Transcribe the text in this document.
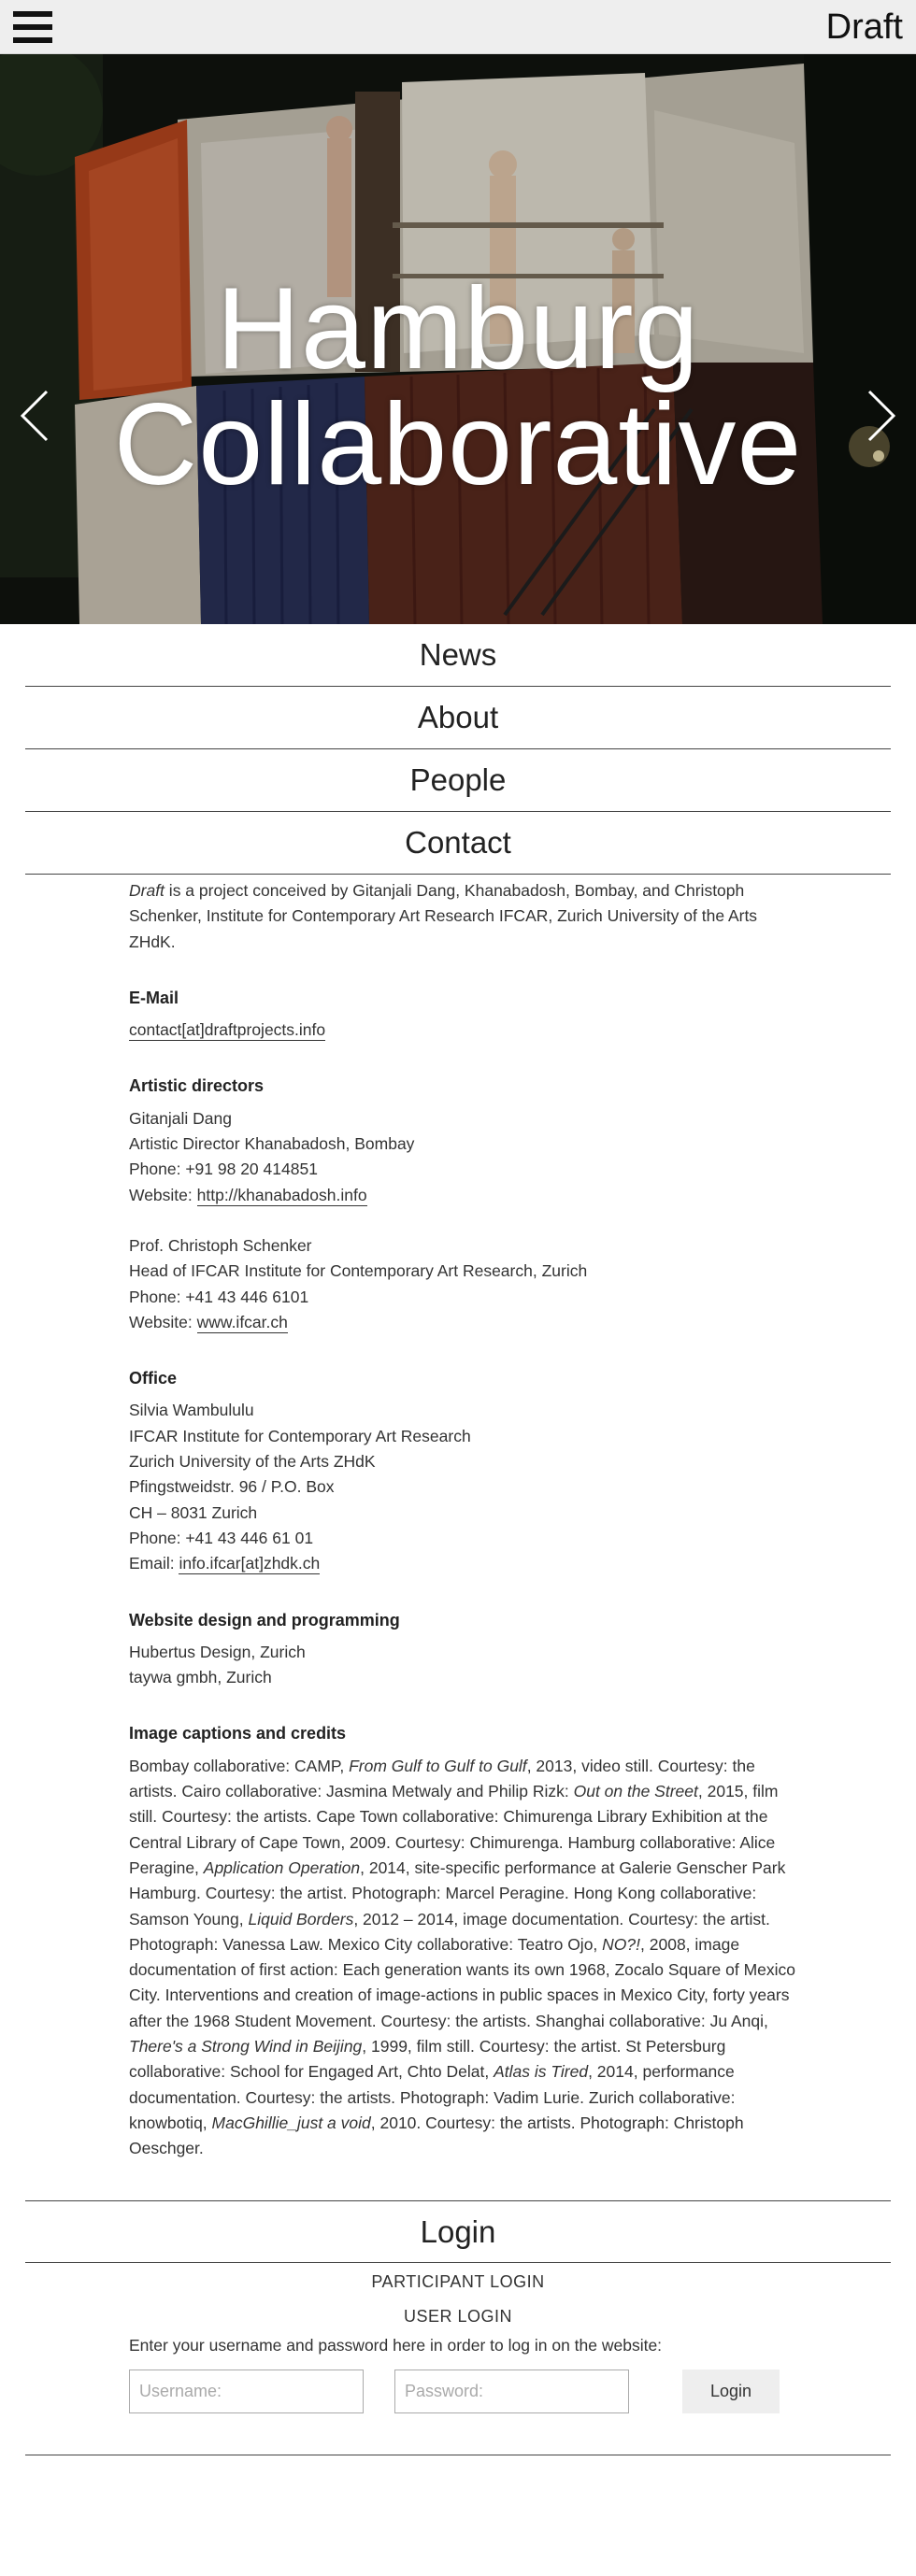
Draft
Hamburg
Collaborative
News
About
People
Contact

Draft is a project conceived by Gitanjali Dang, Khanabadosh, Bombay, and Christoph Schenker, Institute for Contemporary Art Research IFCAR, Zurich University of the Arts ZHdK.

E-Mail

contact[at]draftprojects.info

Artistic directors

Gitanjali Dang

Artistic Director Khanabadosh, Bombay

Phone: +91 98 20 414851

Website: http://khanabadosh.info

Prof. Christoph Schenker

Head of IFCAR Institute for Contemporary Art Research, Zurich

Phone: +41 43 446 6101

Website: www.ifcar.ch

Office

Silvia Wambululu

IFCAR Institute for Contemporary Art Research

Zurich University of the Arts ZHdK

Pfingstweidstr. 96 / P.O. Box

CH – 8031 Zurich

Phone: +41 43 446 61 01

Email: info.ifcar[at]zhdk.ch

Website design and programming

Hubertus Design, Zurich

taywa gmbh, Zurich

Image captions and credits

Bombay collaborative: CAMP, From Gulf to Gulf to Gulf, 2013, video still. Courtesy: the artists. Cairo collaborative: Jasmina Metwaly and Philip Rizk: Out on the Street, 2015, film still. Courtesy: the artists. Cape Town collaborative: Chimurenga Library Exhibition at the Central Library of Cape Town, 2009. Courtesy: Chimurenga. Hamburg collaborative: Alice Peragine, Application Operation, 2014, site-specific performance at Galerie Genscher Park Hamburg. Courtesy: the artist. Photograph: Marcel Peragine. Hong Kong collaborative: Samson Young, Liquid Borders, 2012 – 2014, image documentation. Courtesy: the artist. Photograph: Vanessa Law. Mexico City collaborative: Teatro Ojo, NO?!, 2008, image documentation of first action: Each generation wants its own 1968, Zocalo Square of Mexico City. Interventions and creation of image-actions in public spaces in Mexico City, forty years after the 1968 Student Movement. Courtesy: the artists. Shanghai collaborative: Ju Anqi, There's a Strong Wind in Beijing, 1999, film still. Courtesy: the artist. St Petersburg collaborative: School for Engaged Art, Chto Delat, Atlas is Tired, 2014, performance documentation. Courtesy: the artists. Photograph: Vadim Lurie. Zurich collaborative: knowbotiq, MacGhillie_just a void, 2010. Courtesy: the artists. Photograph: Christoph Oeschger.

Login
PARTICIPANT LOGIN
USER LOGIN
Enter your username and password here in order to log in on the website:
Username:
Login
